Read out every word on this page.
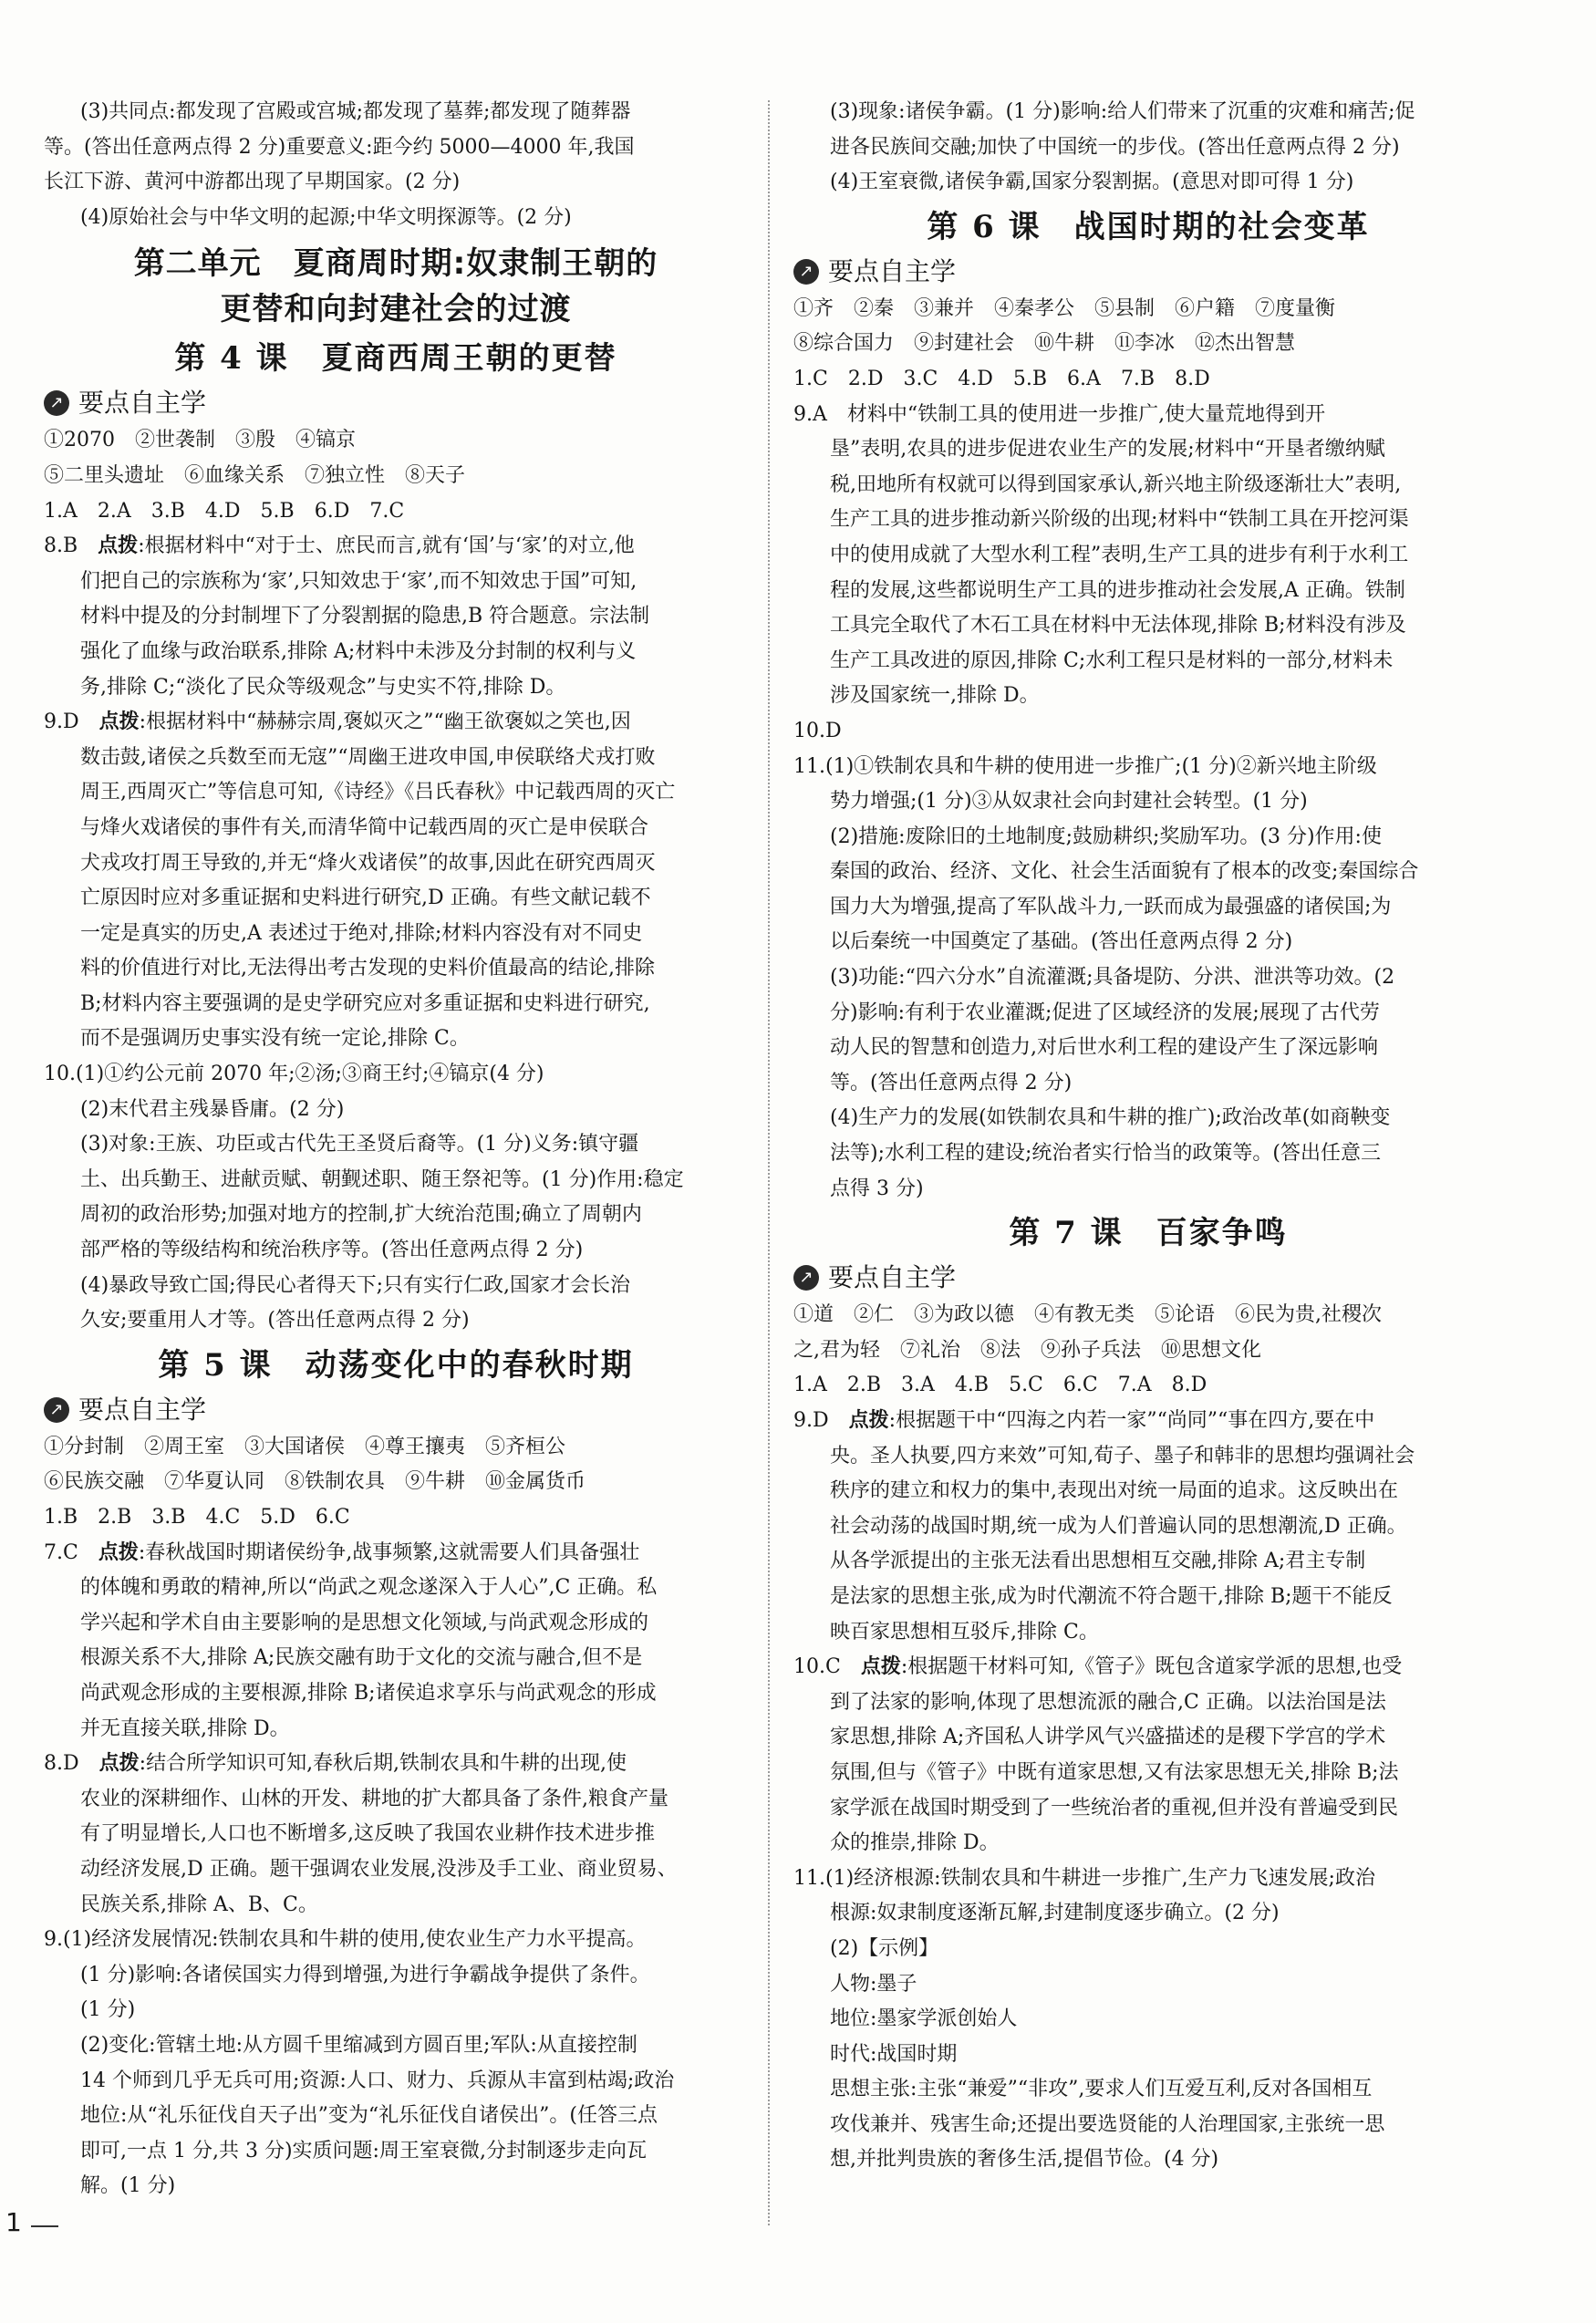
(3)共同点:都发现了宫殿或宫城;都发现了墓葬;都发现了随葬器
等。(答出任意两点得 2 分)重要意义:距今约 5000—4000 年,我国
长江下游、黄河中游都出现了早期国家。(2 分)
(4)原始社会与中华文明的起源;中华文明探源等。(2 分)

第二单元　夏商周时期:奴隶制王朝的
更替和向封建社会的过渡
第 4 课　夏商西周王朝的更替
↗ 要点自主学

①2070　②世袭制　③殷　④镐京
⑤二里头遗址　⑥血缘关系　⑦独立性　⑧天子
1.A　2.A　3.B　4.D　5.B　6.D　7.C

8.B　点拨:根据材料中“对于士、庶民而言,就有‘国’与‘家’的对立,他
们把自己的宗族称为‘家’,只知效忠于‘家’,而不知效忠于国”可知,
材料中提及的分封制埋下了分裂割据的隐患,B 符合题意。宗法制
强化了血缘与政治联系,排除 A;材料中未涉及分封制的权利与义
务,排除 C;“淡化了民众等级观念”与史实不符,排除 D。

9.D　点拨:根据材料中“赫赫宗周,褒姒灭之”“幽王欲褒姒之笑也,因
数击鼓,诸侯之兵数至而无寇”“周幽王进攻申国,申侯联络犬戎打败
周王,西周灭亡”等信息可知,《诗经》《吕氏春秋》中记载西周的灭亡
与烽火戏诸侯的事件有关,而清华简中记载西周的灭亡是申侯联合
犬戎攻打周王导致的,并无“烽火戏诸侯”的故事,因此在研究西周灭
亡原因时应对多重证据和史料进行研究,D 正确。有些文献记载不
一定是真实的历史,A 表述过于绝对,排除;材料内容没有对不同史
料的价值进行对比,无法得出考古发现的史料价值最高的结论,排除
B;材料内容主要强调的是史学研究应对多重证据和史料进行研究,
而不是强调历史事实没有统一定论,排除 C。

10.(1)①约公元前 2070 年;②汤;③商王纣;④镐京(4 分)
(2)末代君主残暴昏庸。(2 分)
(3)对象:王族、功臣或古代先王圣贤后裔等。(1 分)义务:镇守疆
土、出兵勤王、进献贡赋、朝觐述职、随王祭祀等。(1 分)作用:稳定
周初的政治形势;加强对地方的控制,扩大统治范围;确立了周朝内
部严格的等级结构和统治秩序等。(答出任意两点得 2 分)
(4)暴政导致亡国;得民心者得天下;只有实行仁政,国家才会长治
久安;要重用人才等。(答出任意两点得 2 分)

第 5 课　动荡变化中的春秋时期
↗ 要点自主学

①分封制　②周王室　③大国诸侯　④尊王攘夷　⑤齐桓公
⑥民族交融　⑦华夏认同　⑧铁制农具　⑨牛耕　⑩金属货币
1.B　2.B　3.B　4.C　5.D　6.C

7.C　点拨:春秋战国时期诸侯纷争,战事频繁,这就需要人们具备强壮
的体魄和勇敢的精神,所以“尚武之观念遂深入于人心”,C 正确。私
学兴起和学术自由主要影响的是思想文化领域,与尚武观念形成的
根源关系不大,排除 A;民族交融有助于文化的交流与融合,但不是
尚武观念形成的主要根源,排除 B;诸侯追求享乐与尚武观念的形成
并无直接关联,排除 D。

8.D　点拨:结合所学知识可知,春秋后期,铁制农具和牛耕的出现,使
农业的深耕细作、山林的开发、耕地的扩大都具备了条件,粮食产量
有了明显增长,人口也不断增多,这反映了我国农业耕作技术进步推
动经济发展,D 正确。题干强调农业发展,没涉及手工业、商业贸易、
民族关系,排除 A、B、C。

9.(1)经济发展情况:铁制农具和牛耕的使用,使农业生产力水平提高。
(1 分)影响:各诸侯国实力得到增强,为进行争霸战争提供了条件。
(1 分)
(2)变化:管辖土地:从方圆千里缩减到方圆百里;军队:从直接控制
14 个师到几乎无兵可用;资源:人口、财力、兵源从丰富到枯竭;政治
地位:从“礼乐征伐自天子出”变为“礼乐征伐自诸侯出”。(任答三点
即可,一点 1 分,共 3 分)实质问题:周王室衰微,分封制逐步走向瓦
解。(1 分)

(3)现象:诸侯争霸。(1 分)影响:给人们带来了沉重的灾难和痛苦;促
进各民族间交融;加快了中国统一的步伐。(答出任意两点得 2 分)
(4)王室衰微,诸侯争霸,国家分裂割据。(意思对即可得 1 分)

第 6 课　战国时期的社会变革
↗ 要点自主学

①齐　②秦　③兼并　④秦孝公　⑤县制　⑥户籍　⑦度量衡
⑧综合国力　⑨封建社会　⑩牛耕　⑪李冰　⑫杰出智慧
1.C　2.D　3.C　4.D　5.B　6.A　7.B　8.D

9.A　材料中“铁制工具的使用进一步推广,使大量荒地得到开
垦”表明,农具的进步促进农业生产的发展;材料中“开垦者缴纳赋
税,田地所有权就可以得到国家承认,新兴地主阶级逐渐壮大”表明,
生产工具的进步推动新兴阶级的出现;材料中“铁制工具在开挖河渠
中的使用成就了大型水利工程”表明,生产工具的进步有利于水利工
程的发展,这些都说明生产工具的进步推动社会发展,A 正确。铁制
工具完全取代了木石工具在材料中无法体现,排除 B;材料没有涉及
生产工具改进的原因,排除 C;水利工程只是材料的一部分,材料未
涉及国家统一,排除 D。

10.D

11.(1)①铁制农具和牛耕的使用进一步推广;(1 分)②新兴地主阶级
势力增强;(1 分)③从奴隶社会向封建社会转型。(1 分)
(2)措施:废除旧的土地制度;鼓励耕织;奖励军功。(3 分)作用:使
秦国的政治、经济、文化、社会生活面貌有了根本的改变;秦国综合
国力大为增强,提高了军队战斗力,一跃而成为最强盛的诸侯国;为
以后秦统一中国奠定了基础。(答出任意两点得 2 分)
(3)功能:“四六分水”自流灌溉;具备堤防、分洪、泄洪等功效。(2
分)影响:有利于农业灌溉;促进了区域经济的发展;展现了古代劳
动人民的智慧和创造力,对后世水利工程的建设产生了深远影响
等。(答出任意两点得 2 分)
(4)生产力的发展(如铁制农具和牛耕的推广);政治改革(如商鞅变
法等);水利工程的建设;统治者实行恰当的政策等。(答出任意三
点得 3 分)

第 7 课　百家争鸣
↗ 要点自主学

①道　②仁　③为政以德　④有教无类　⑤论语　⑥民为贵,社稷次
之,君为轻　⑦礼治　⑧法　⑨孙子兵法　⑩思想文化
1.A　2.B　3.A　4.B　5.C　6.C　7.A　8.D

9.D　点拨:根据题干中“四海之内若一家”“尚同”“事在四方,要在中
央。圣人执要,四方来效”可知,荀子、墨子和韩非的思想均强调社会
秩序的建立和权力的集中,表现出对统一局面的追求。这反映出在
社会动荡的战国时期,统一成为人们普遍认同的思想潮流,D 正确。
从各学派提出的主张无法看出思想相互交融,排除 A;君主专制
是法家的思想主张,成为时代潮流不符合题干,排除 B;题干不能反
映百家思想相互驳斥,排除 C。

10.C　点拨:根据题干材料可知,《管子》既包含道家学派的思想,也受
到了法家的影响,体现了思想流派的融合,C 正确。以法治国是法
家思想,排除 A;齐国私人讲学风气兴盛描述的是稷下学宫的学术
氛围,但与《管子》中既有道家思想,又有法家思想无关,排除 B;法
家学派在战国时期受到了一些统治者的重视,但并没有普遍受到民
众的推崇,排除 D。

11.(1)经济根源:铁制农具和牛耕进一步推广,生产力飞速发展;政治
根源:奴隶制度逐渐瓦解,封建制度逐步确立。(2 分)
(2)【示例】
人物:墨子
地位:墨家学派创始人
时代:战国时期
思想主张:主张“兼爱”“非攻”,要求人们互爱互利,反对各国相互
攻伐兼并、残害生命;还提出要选贤能的人治理国家,主张统一思
想,并批判贵族的奢侈生活,提倡节俭。(4 分)

1
